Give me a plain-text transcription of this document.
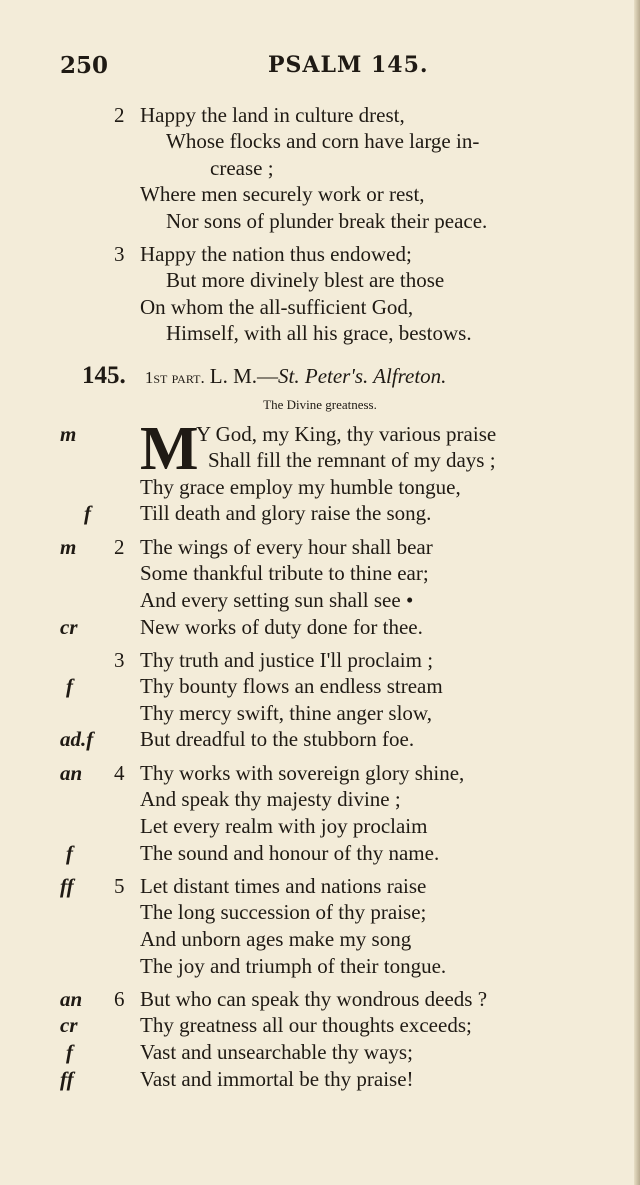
250	PSALM 145.
2 Happy the land in culture drest,
Whose flocks and corn have large in-
crease ;
Where men securely work or rest,
Nor sons of plunder break their peace.
3 Happy the nation thus endowed;
But more divinely blest are those
On whom the all-sufficient God,
Himself, with all his grace, bestows.
145. 1st part. L. M.—St. Peter's. Alfreton.
The Divine greatness.
M
m	Y God, my King, thy various praise
Shall fill the remnant of my days ;
Thy grace employ my humble tongue,
f Till death and glory raise the song.
m 2 The wings of every hour shall bear
Some thankful tribute to thine ear;
And every setting sun shall see •
cr	New works of duty done for thee.
3 Thy truth and justice I'll proclaim ;
f	Thy bounty flows an endless stream
Thy mercy swift, thine anger slow,
ad.f But dreadful to the stubborn foe.
an 4 Thy works with sovereign glory shine,
And speak thy majesty divine ;
Let every realm with joy proclaim
f	The sound and honour of thy name.
ff 5 Let distant times and nations raise
The long succession of thy praise;
And unborn ages make my song
The joy and triumph of their tongue.
an 6 But who can speak thy wondrous deeds ?
cr	Thy greatness all our thoughts exceeds;
f	Vast and unsearchable thy ways;
ff	Vast and immortal be thy praise!
